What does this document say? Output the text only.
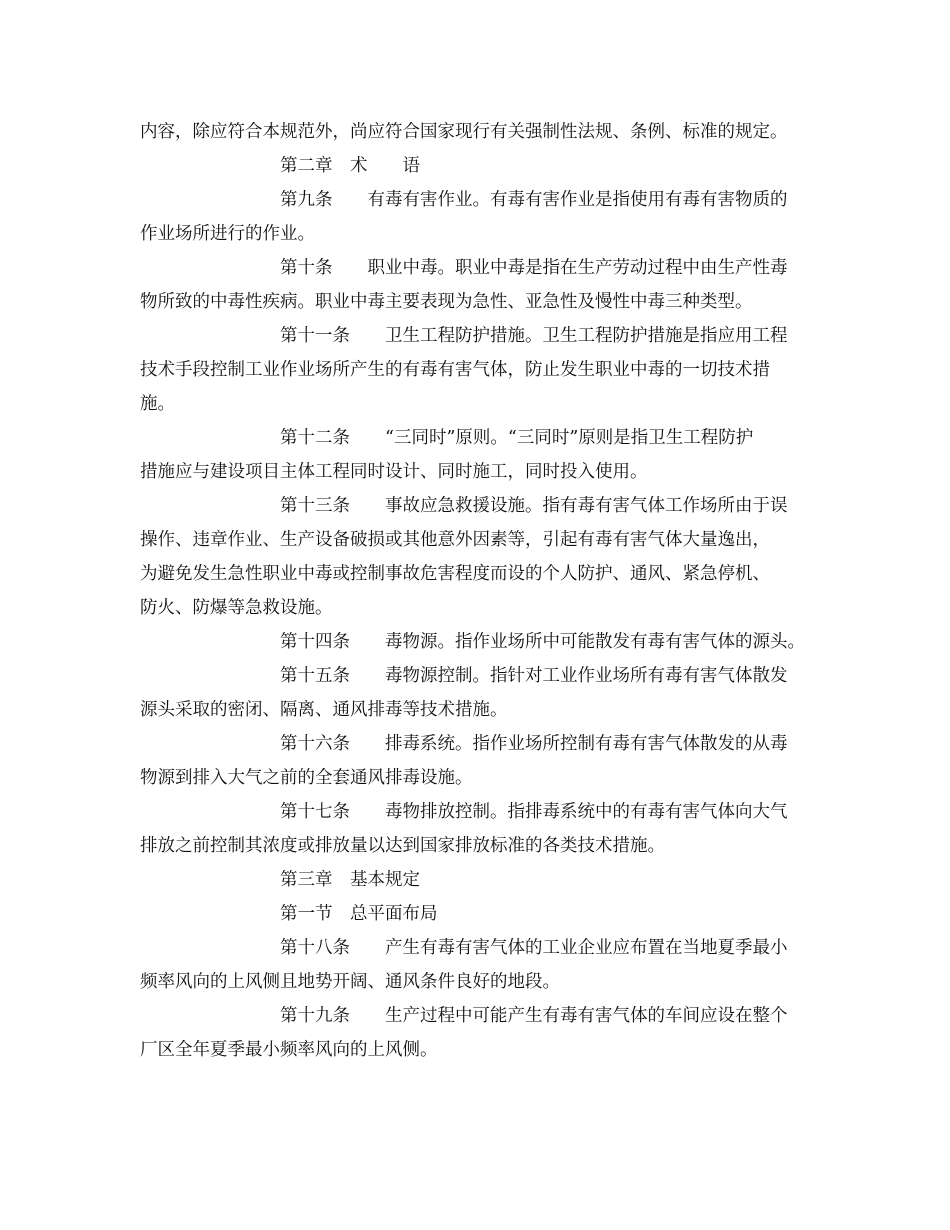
内容，除应符合本规范外，尚应符合国家现行有关强制性法规、条例、标准的规定。
第二章　术　　语
第九条　　有毒有害作业。有毒有害作业是指使用有毒有害物质的
作业场所进行的作业。
第十条　　职业中毒。职业中毒是指在生产劳动过程中由生产性毒
物所致的中毒性疾病。职业中毒主要表现为急性、亚急性及慢性中毒三种类型。
第十一条　　卫生工程防护措施。卫生工程防护措施是指应用工程
技术手段控制工业作业场所产生的有毒有害气体，防止发生职业中毒的一切技术措
施。
第十二条　　“三同时”原则。“三同时”原则是指卫生工程防护
措施应与建设项目主体工程同时设计、同时施工，同时投入使用。
第十三条　　事故应急救援设施。指有毒有害气体工作场所由于误
操作、违章作业、生产设备破损或其他意外因素等，引起有毒有害气体大量逸出，
为避免发生急性职业中毒或控制事故危害程度而设的个人防护、通风、紧急停机、
防火、防爆等急救设施。
第十四条　　毒物源。指作业场所中可能散发有毒有害气体的源头。
第十五条　　毒物源控制。指针对工业作业场所有毒有害气体散发
源头采取的密闭、隔离、通风排毒等技术措施。
第十六条　　排毒系统。指作业场所控制有毒有害气体散发的从毒
物源到排入大气之前的全套通风排毒设施。
第十七条　　毒物排放控制。指排毒系统中的有毒有害气体向大气
排放之前控制其浓度或排放量以达到国家排放标准的各类技术措施。
第三章　基本规定
第一节　总平面布局
第十八条　　产生有毒有害气体的工业企业应布置在当地夏季最小
频率风向的上风侧且地势开阔、通风条件良好的地段。
第十九条　　生产过程中可能产生有毒有害气体的车间应设在整个
厂区全年夏季最小频率风向的上风侧。
